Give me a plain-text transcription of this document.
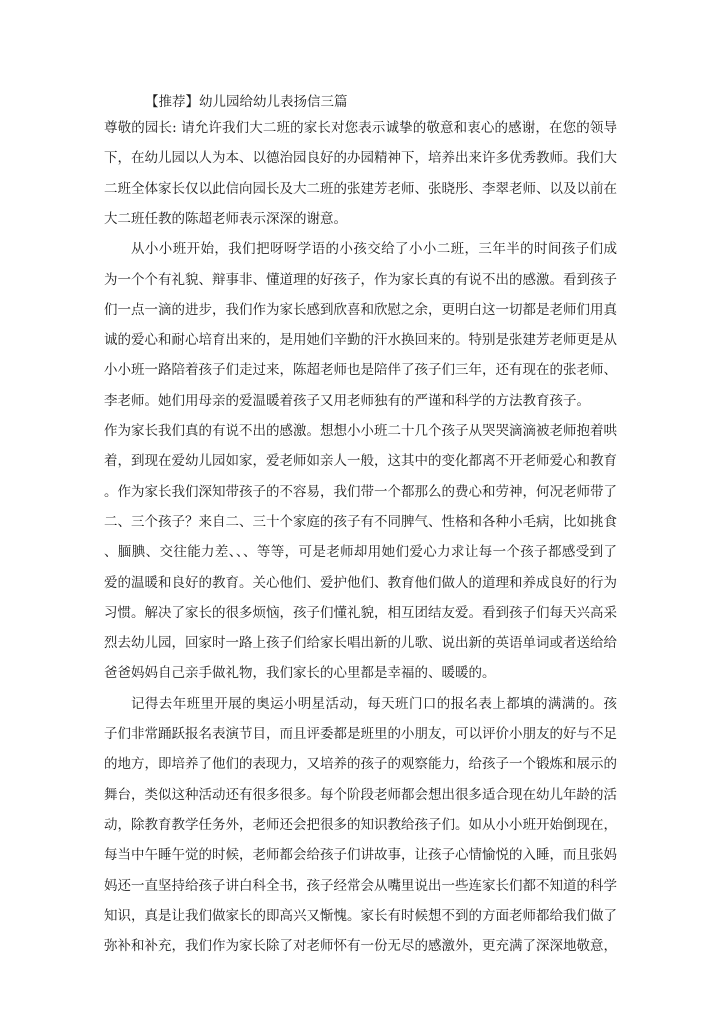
【推荐】幼儿园给幼儿表扬信三篇
尊敬的园长: 请允许我们大二班的家长对您表示诚挚的敬意和衷心的感谢，在您的领导
下，在幼儿园以人为本、以德治园良好的办园精神下，培养出来许多优秀教师。我们大
二班全体家长仅以此信向园长及大二班的张建芳老师、张晓彤、李翠老师、以及以前在
大二班任教的陈超老师表示深深的谢意。
从小小班开始，我们把呀呀学语的小孩交给了小小二班，三年半的时间孩子们成
为一个个有礼貌、辩事非、懂道理的好孩子，作为家长真的有说不出的感激。看到孩子
们一点一滴的进步，我们作为家长感到欣喜和欣慰之余，更明白这一切都是老师们用真
诚的爱心和耐心培育出来的，是用她们辛勤的汗水换回来的。特别是张建芳老师更是从
小小班一路陪着孩子们走过来，陈超老师也是陪伴了孩子们三年，还有现在的张老师、
李老师。她们用母亲的爱温暖着孩子又用老师独有的严谨和科学的方法教育孩子。
作为家长我们真的有说不出的感激。想想小小班二十几个孩子从哭哭滴滴被老师抱着哄
着，到现在爱幼儿园如家，爱老师如亲人一般，这其中的变化都离不开老师爱心和教育
。作为家长我们深知带孩子的不容易，我们带一个都那么的费心和劳神，何况老师带了
二、三个孩子？来自二、三十个家庭的孩子有不同脾气、性格和各种小毛病，比如挑食
、腼腆、交往能力差、、、等等，可是老师却用她们爱心力求让每一个孩子都感受到了
爱的温暖和良好的教育。关心他们、爱护他们、教育他们做人的道理和养成良好的行为
习惯。解决了家长的很多烦恼，孩子们懂礼貌，相互团结友爱。看到孩子们每天兴高采
烈去幼儿园，回家时一路上孩子们给家长唱出新的儿歌、说出新的英语单词或者送给给
爸爸妈妈自己亲手做礼物，我们家长的心里都是幸福的、暖暖的。
记得去年班里开展的奥运小明星活动，每天班门口的报名表上都填的满满的。孩
子们非常踊跃报名表演节目，而且评委都是班里的小朋友，可以评价小朋友的好与不足
的地方，即培养了他们的表现力，又培养的孩子的观察能力，给孩子一个锻炼和展示的
舞台，类似这种活动还有很多很多。每个阶段老师都会想出很多适合现在幼儿年龄的活
动，除教育教学任务外，老师还会把很多的知识教给孩子们。如从小小班开始倒现在，
每当中午睡午觉的时候，老师都会给孩子们讲故事，让孩子心情愉悦的入睡，而且张妈
妈还一直坚持给孩子讲白科全书，孩子经常会从嘴里说出一些连家长们都不知道的科学
知识，真是让我们做家长的即高兴又惭愧。家长有时候想不到的方面老师都给我们做了
弥补和补充，我们作为家长除了对老师怀有一份无尽的感激外，更充满了深深地敬意，
